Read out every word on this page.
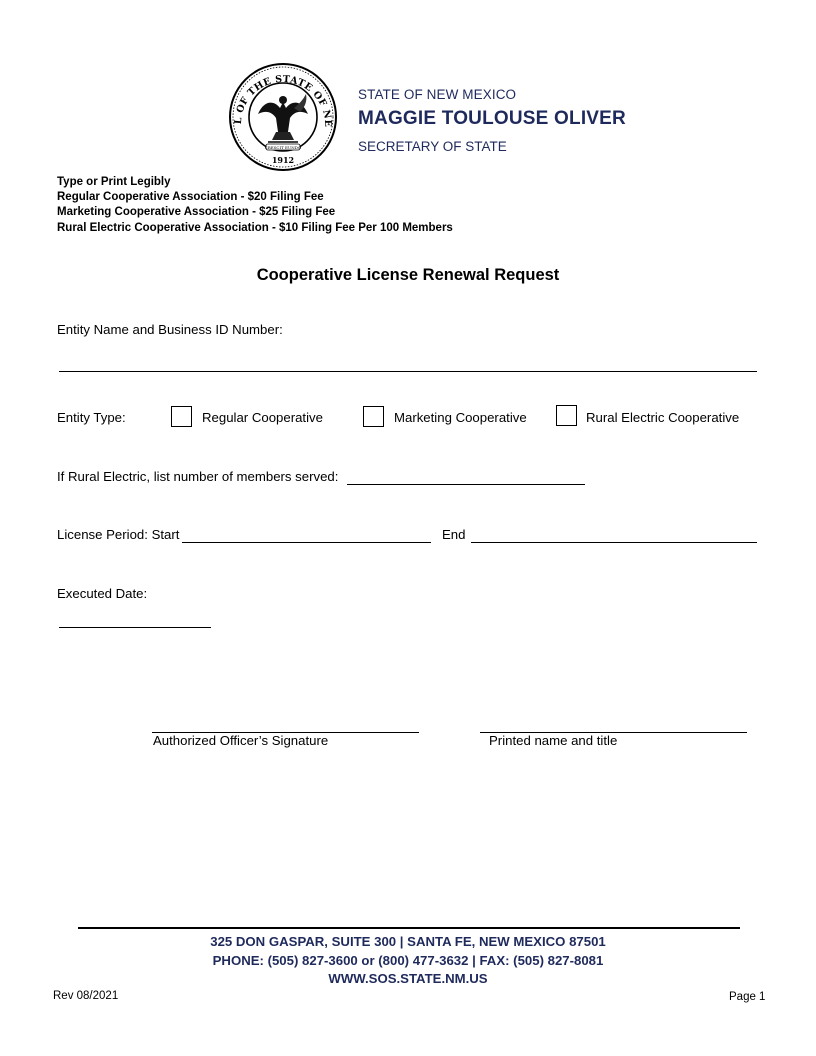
L OF THE STATE OF NE
1912
CRESCIT EUNDO
STATE OF NEW MEXICO
MAGGIE TOULOUSE OLIVER
SECRETARY OF STATE
Type or Print Legibly
Regular Cooperative Association - $20 Filing Fee
Marketing Cooperative Association - $25 Filing Fee
Rural Electric Cooperative Association - $10 Filing Fee Per 100 Members
Cooperative License Renewal Request
Entity Name and Business ID Number:
Entity Type:	Regular Cooperative	Marketing Cooperative	Rural Electric Cooperative
If Rural Electric, list number of members served:
License Period: Start	End
Executed Date:
Authorized Officer’s Signature	Printed name and title
325 DON GASPAR, SUITE 300 | SANTA FE, NEW MEXICO 87501
PHONE: (505) 827-3600 or (800) 477-3632 | FAX: (505) 827-8081
WWW.SOS.STATE.NM.US
Rev 08/2021	Page 1
